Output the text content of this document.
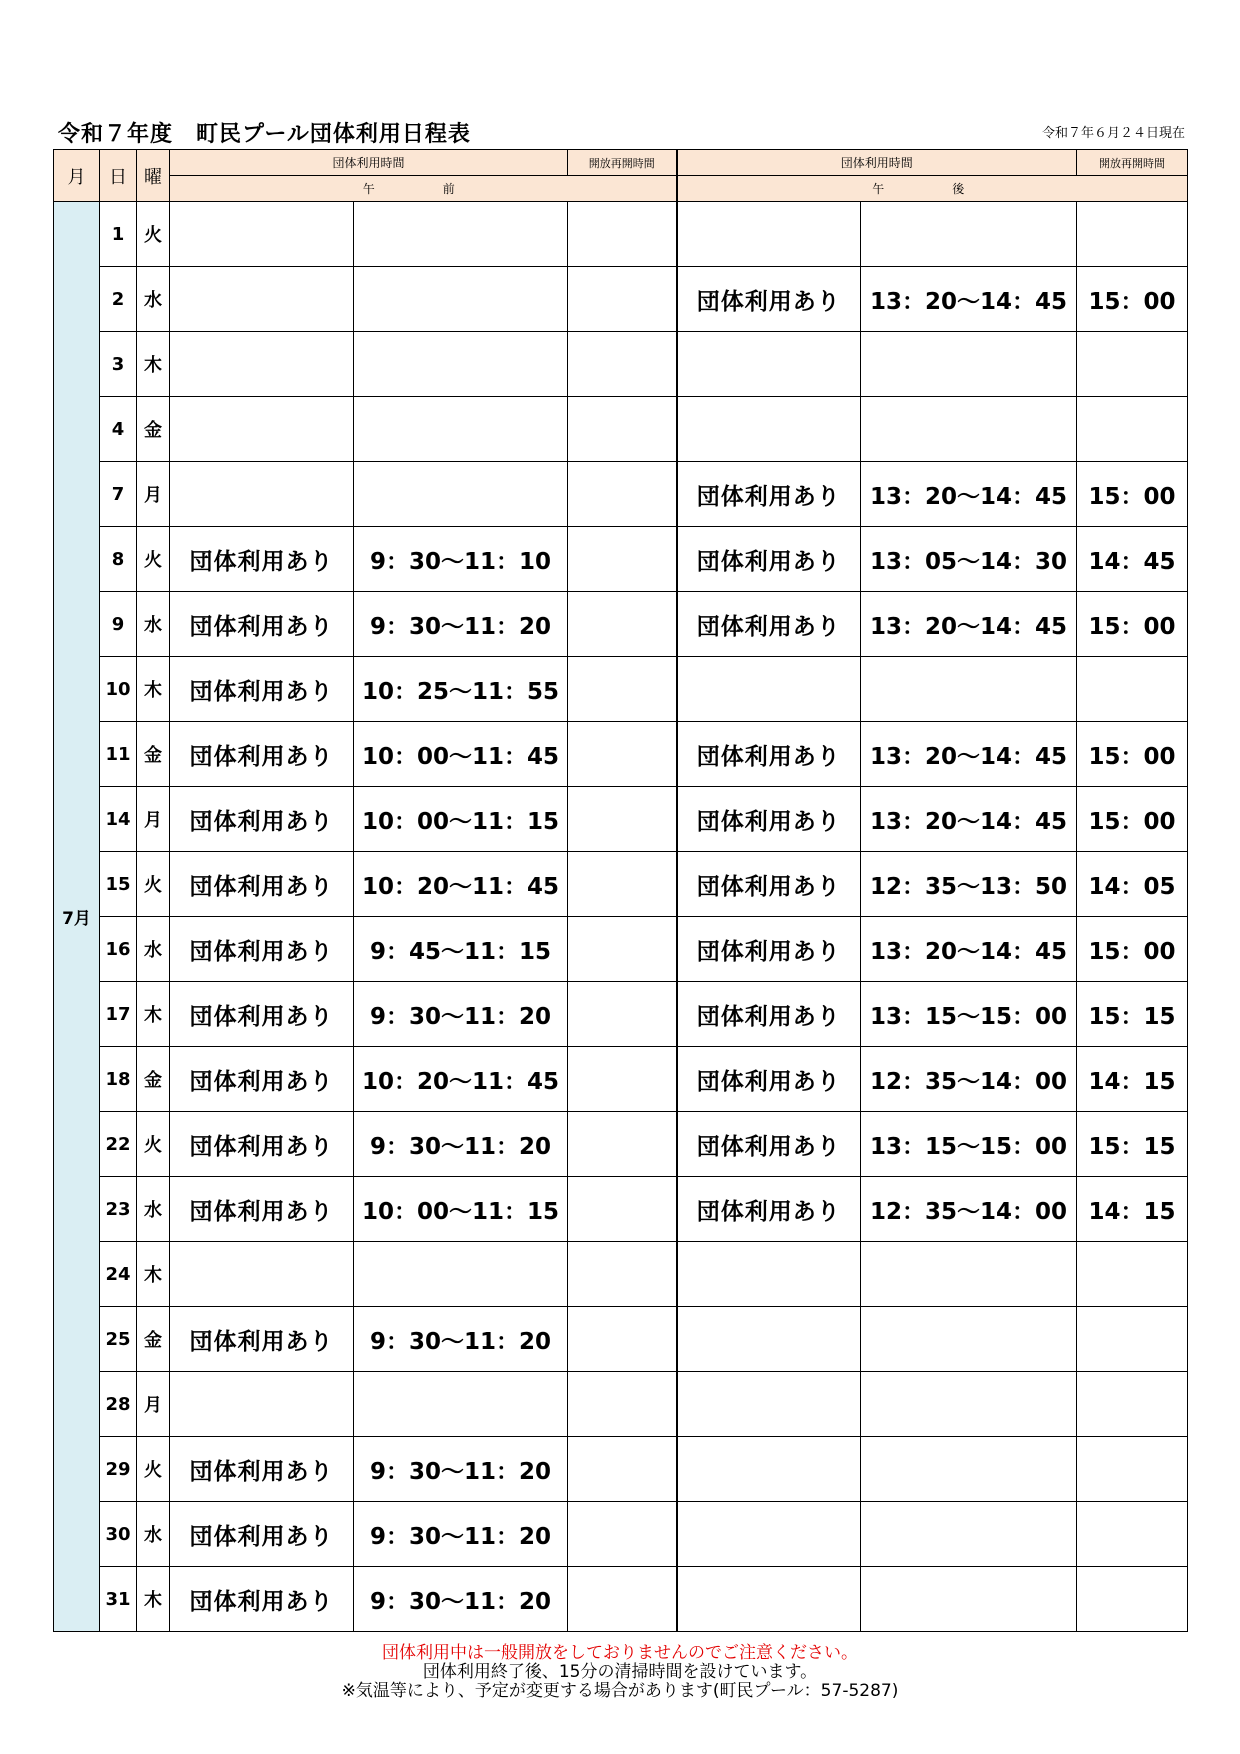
令和７年度　町民プール団体利用日程表	令和７年６月２４日現在
月	日	曜	団体利用時間		開放再開時間	団体利用時間		開放再開時間
			午　前			午　後		
7月	1	火						
	2	水				団体利用あり	13：20〜14：45	15：00
	3	木						
	4	金						
	7	月				団体利用あり	13：20〜14：45	15：00
	8	火	団体利用あり	9：30〜11：10		団体利用あり	13：05〜14：30	14：45
	9	水	団体利用あり	9：30〜11：20		団体利用あり	13：20〜14：45	15：00
	10	木	団体利用あり	10：25〜11：55				
	11	金	団体利用あり	10：00〜11：45		団体利用あり	13：20〜14：45	15：00
	14	月	団体利用あり	10：00〜11：15		団体利用あり	13：20〜14：45	15：00
	15	火	団体利用あり	10：20〜11：45		団体利用あり	12：35〜13：50	14：05
	16	水	団体利用あり	9：45〜11：15		団体利用あり	13：20〜14：45	15：00
	17	木	団体利用あり	9：30〜11：20		団体利用あり	13：15〜15：00	15：15
	18	金	団体利用あり	10：20〜11：45		団体利用あり	12：35〜14：00	14：15
	22	火	団体利用あり	9：30〜11：20		団体利用あり	13：15〜15：00	15：15
	23	水	団体利用あり	10：00〜11：15		団体利用あり	12：35〜14：00	14：15
	24	木						
	25	金	団体利用あり	9：30〜11：20				
	28	月						
	29	火	団体利用あり	9：30〜11：20				
	30	水	団体利用あり	9：30〜11：20				
	31	木	団体利用あり	9：30〜11：20				
団体利用中は一般開放をしておりませんのでご注意ください。
団体利用終了後、15分の清掃時間を設けています。
※気温等により、予定が変更する場合があります(町民プール：57-5287)
